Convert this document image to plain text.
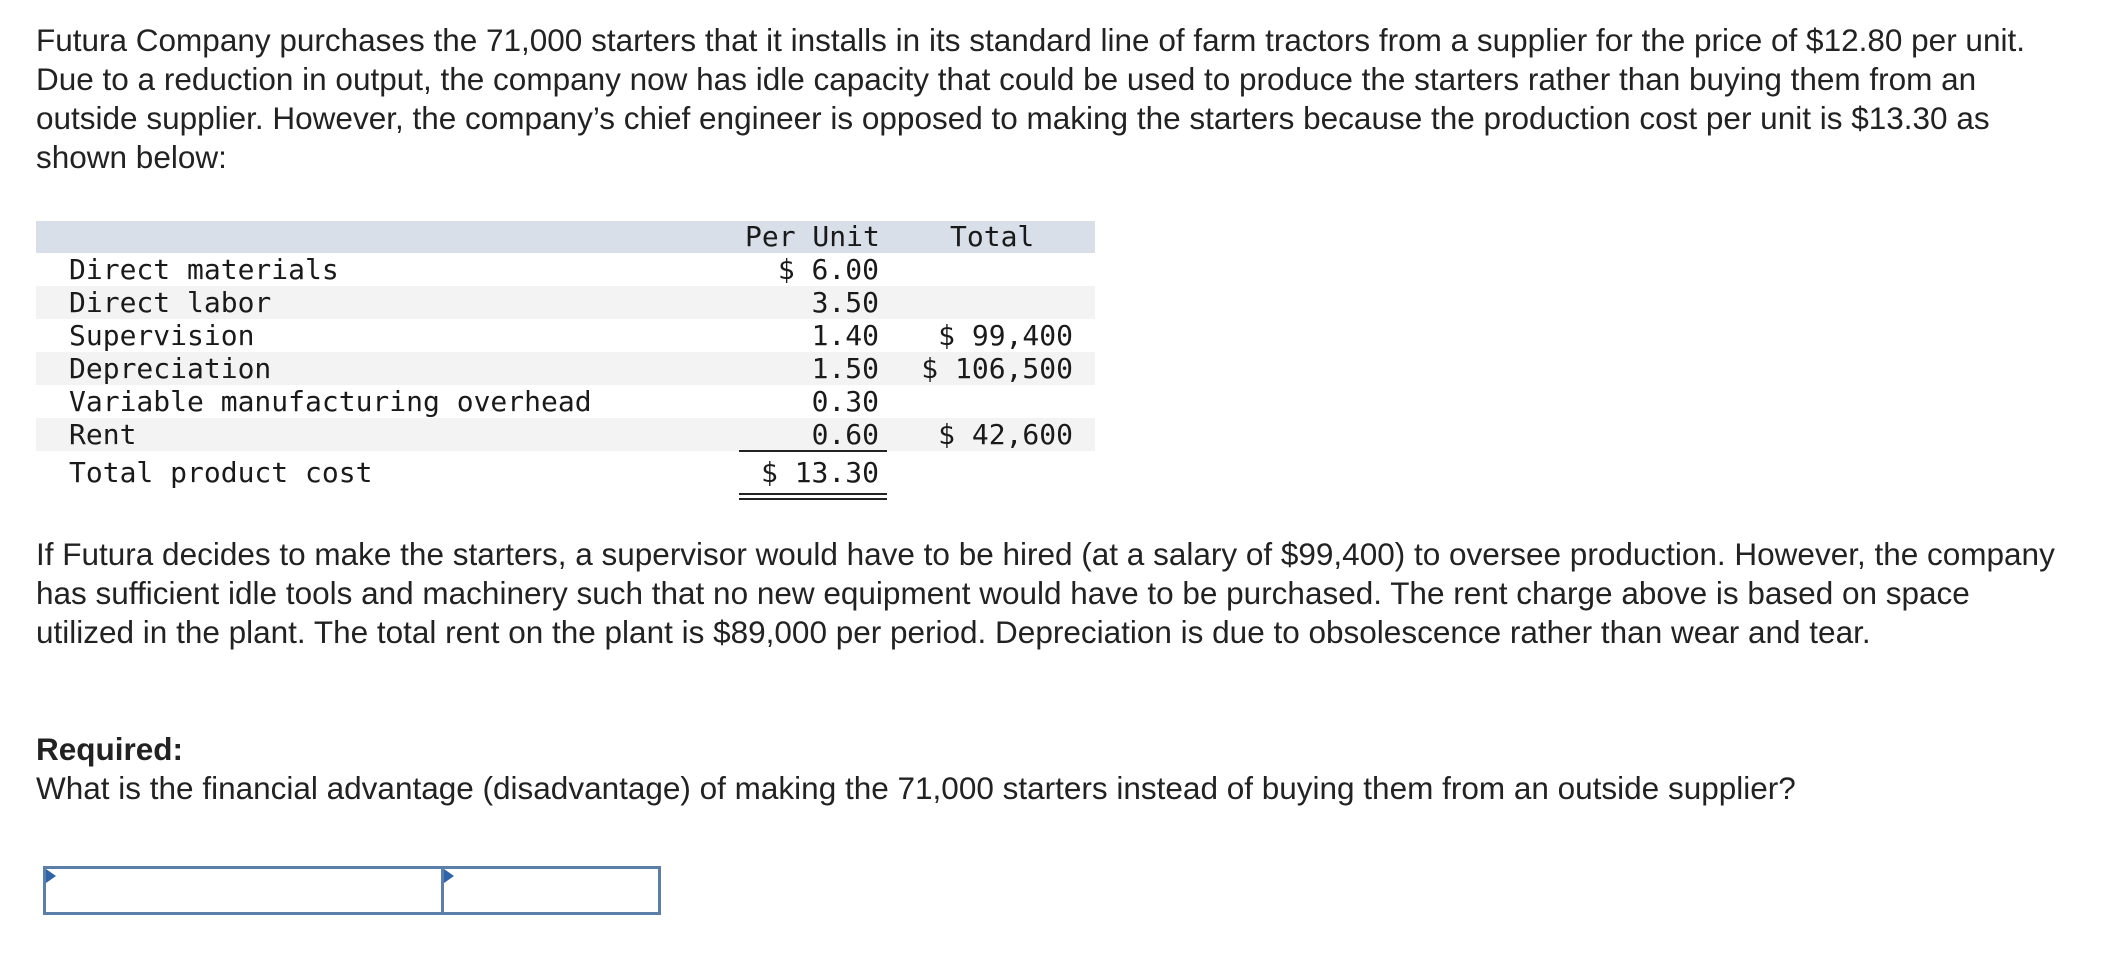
Futura Company purchases the 71,000 starters that it installs in its standard line of farm tractors from a supplier for the price of $12.80 per unit. Due to a reduction in output, the company now has idle capacity that could be used to produce the starters rather than buying them from an outside supplier. However, the company’s chief engineer is opposed to making the starters because the production cost per unit is $13.30 as shown below:

Per Unit	Total
Direct materials	$ 6.00
Direct labor	3.50
Supervision	1.40 $ 99,400
Depreciation	1.50 $ 106,500
Variable manufacturing overhead	0.30
Rent	0.60 $ 42,600
Total product cost	$ 13.30

If Futura decides to make the starters, a supervisor would have to be hired (at a salary of $99,400) to oversee production. However, the company has sufficient idle tools and machinery such that no new equipment would have to be purchased. The rent charge above is based on space utilized in the plant. The total rent on the plant is $89,000 per period. Depreciation is due to obsolescence rather than wear and tear.

Required:

What is the financial advantage (disadvantage) of making the 71,000 starters instead of buying them from an outside supplier?
